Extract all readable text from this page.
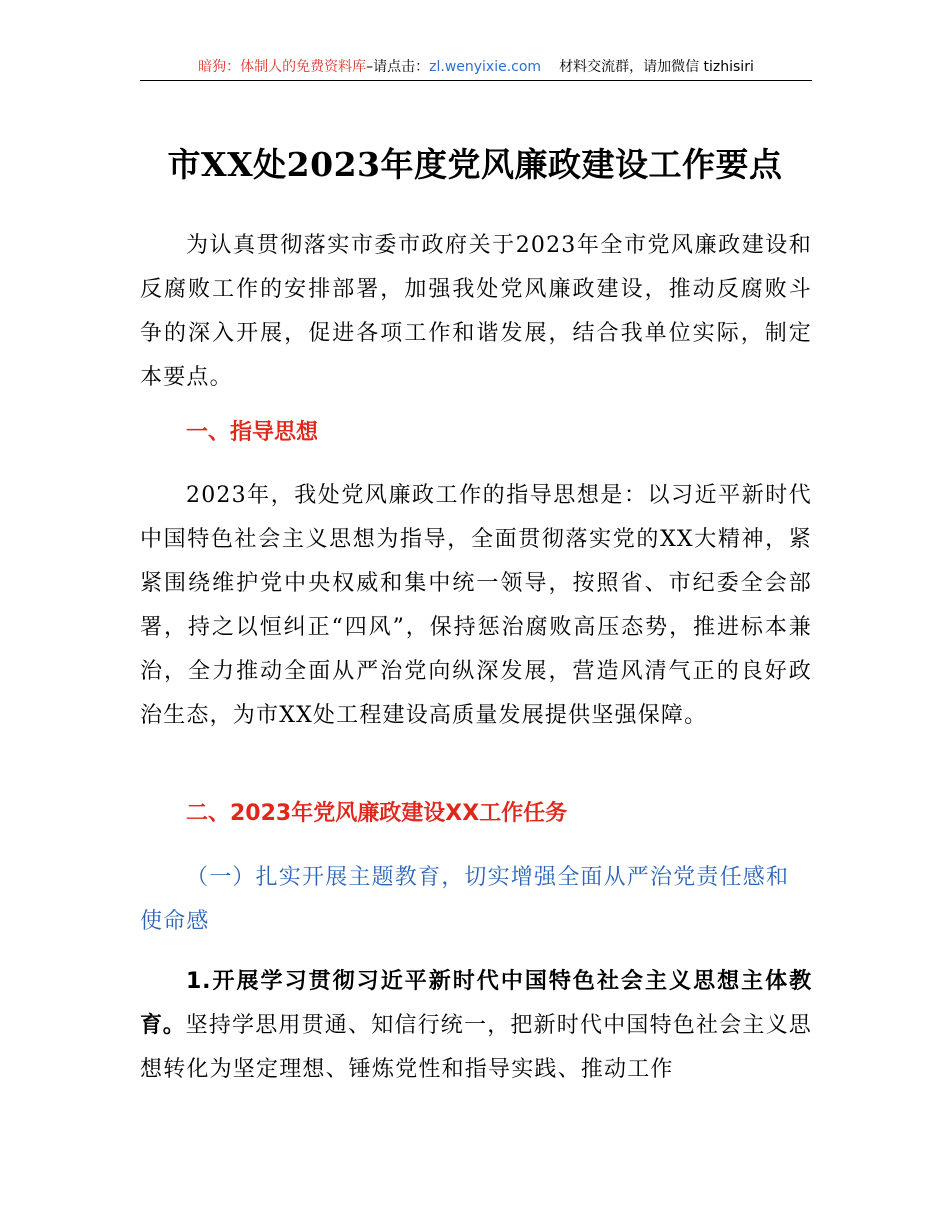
暗狗：体制人的免费资料库–请点击：zl.wenyixie.com 材料交流群，请加微信 tizhisiri
市XX处2023年度党风廉政建设工作要点
为认真贯彻落实市委市政府关于2023年全市党风廉政建设和反腐败工作的安排部署，加强我处党风廉政建设，推动反腐败斗争的深入开展，促进各项工作和谐发展，结合我单位实际，制定本要点。
一、指导思想
2023年，我处党风廉政工作的指导思想是：以习近平新时代中国特色社会主义思想为指导，全面贯彻落实党的XX大精神，紧紧围绕维护党中央权威和集中统一领导，按照省、市纪委全会部署，持之以恒纠正“四风”，保持惩治腐败高压态势，推进标本兼治，全力推动全面从严治党向纵深发展，营造风清气正的良好政治生态，为市XX处工程建设高质量发展提供坚强保障。
二、2023年党风廉政建设XX工作任务
（一）扎实开展主题教育，切实增强全面从严治党责任感和使命感
1.开展学习贯彻习近平新时代中国特色社会主义思想主体教育。坚持学思用贯通、知信行统一，把新时代中国特色社会主义思想转化为坚定理想、锤炼党性和指导实践、推动工作
